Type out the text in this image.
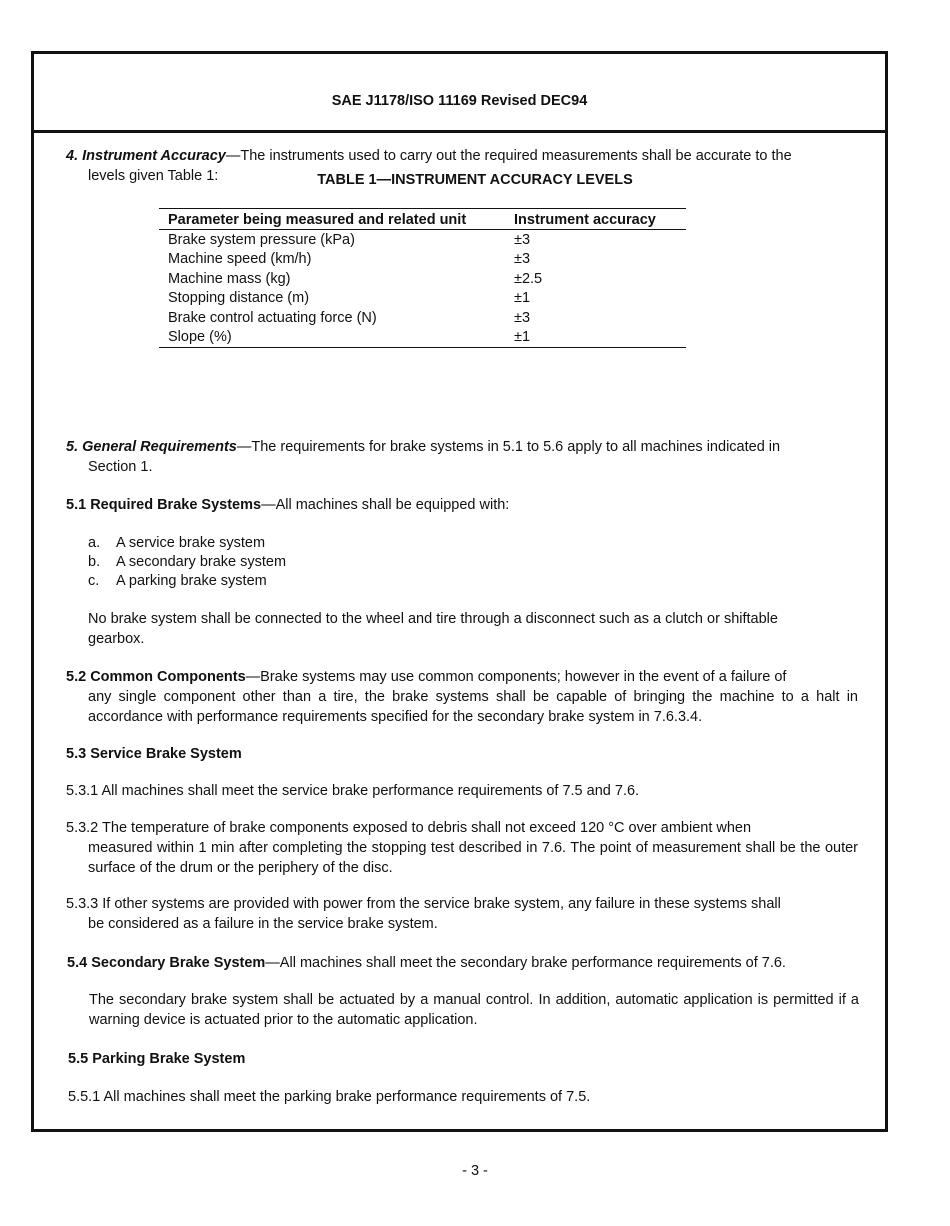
SAE J1178/ISO 11169 Revised DEC94
4. Instrument Accuracy—The instruments used to carry out the required measurements shall be accurate to the
levels given Table 1:	TABLE 1—INSTRUMENT ACCURACY LEVELS
Parameter being measured and related unit	Instrument accuracy
Brake system pressure (kPa)	±3
Machine speed (km/h)	±3
Machine mass (kg)	±2.5
Stopping distance (m)	±1
Brake control actuating force (N)	±3
Slope (%)	±1
5. General Requirements—The requirements for brake systems in 5.1 to 5.6 apply to all machines indicated in
Section 1.
5.1 Required Brake Systems—All machines shall be equipped with:
a. A service brake system
b. A secondary brake system
c. A parking brake system
No brake system shall be connected to the wheel and tire through a disconnect such as a clutch or shiftable
gearbox.
5.2 Common Components—Brake systems may use common components; however in the event of a failure of
any single component other than a tire, the brake systems shall be capable of bringing the machine to a halt in accordance with performance requirements specified for the secondary brake system in 7.6.3.4.
5.3 Service Brake System
5.3.1 All machines shall meet the service brake performance requirements of 7.5 and 7.6.
5.3.2 The temperature of brake components exposed to debris shall not exceed 120 °C over ambient when
measured within 1 min after completing the stopping test described in 7.6. The point of measurement shall be the outer surface of the drum or the periphery of the disc.
5.3.3 If other systems are provided with power from the service brake system, any failure in these systems shall
be considered as a failure in the service brake system.
5.4 Secondary Brake System—All machines shall meet the secondary brake performance requirements of 7.6.
The secondary brake system shall be actuated by a manual control. In addition, automatic application is permitted if a warning device is actuated prior to the automatic application.
5.5 Parking Brake System
5.5.1 All machines shall meet the parking brake performance requirements of 7.5.
- 3 -
